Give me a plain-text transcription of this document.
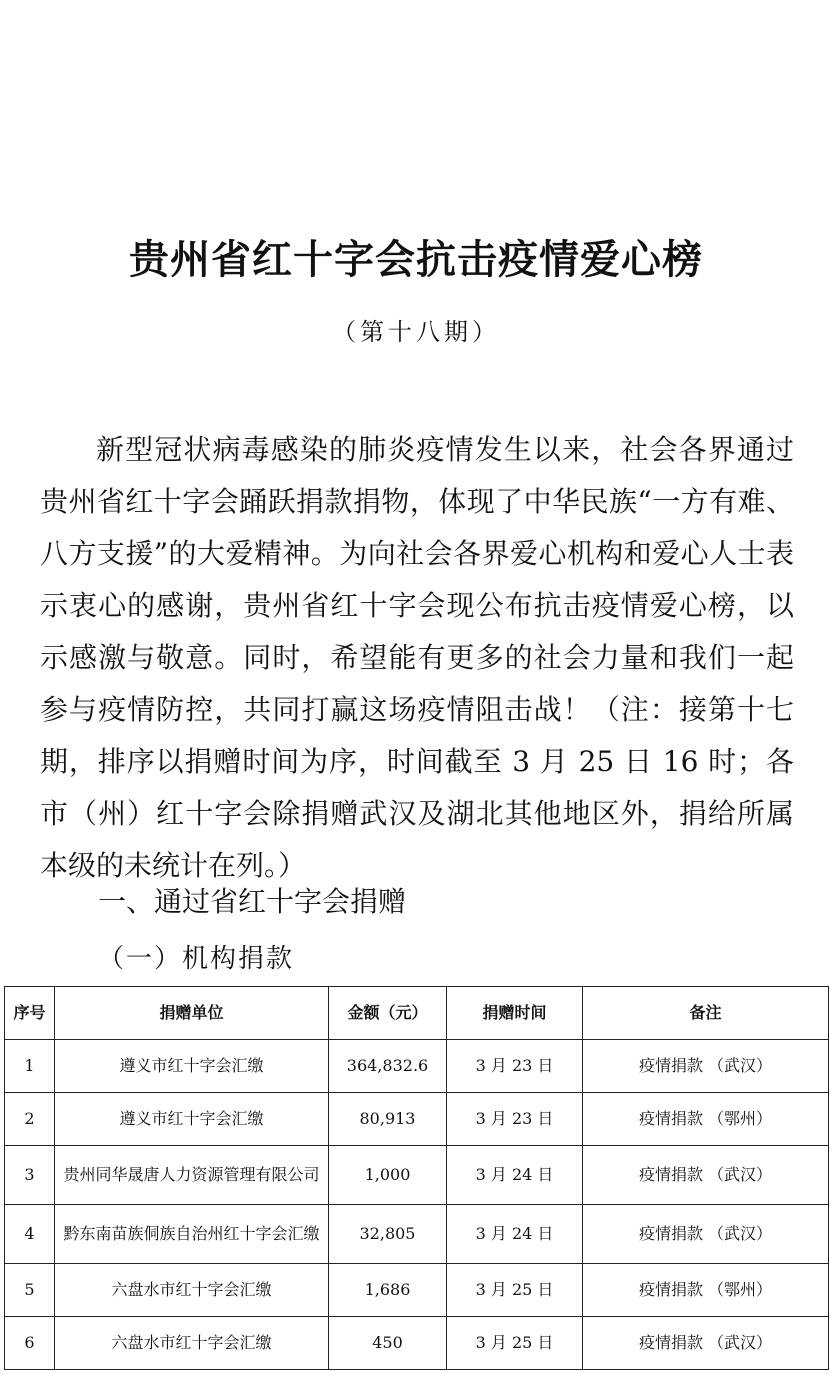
贵州省红十字会抗击疫情爱心榜
（第十八期）

新型冠状病毒感染的肺炎疫情发生以来，社会各界通过贵州省红十字会踊跃捐款捐物，体现了中华民族“一方有难、八方支援”的大爱精神。为向社会各界爱心机构和爱心人士表示衷心的感谢，贵州省红十字会现公布抗击疫情爱心榜，以示感激与敬意。同时，希望能有更多的社会力量和我们一起参与疫情防控，共同打赢这场疫情阻击战！（注：接第十七期，排序以捐赠时间为序，时间截至 3 月 25 日 16 时；各市（州）红十字会除捐赠武汉及湖北其他地区外，捐给所属本级的未统计在列。）

一、通过省红十字会捐赠
（一）机构捐款
序号	捐赠单位	金额（元）	捐赠时间	备注
1	遵义市红十字会汇缴	364,832.6	3 月 23 日	疫情捐款 （武汉）
2	遵义市红十字会汇缴	80,913	3 月 23 日	疫情捐款 （鄂州）
3	贵州同华晟唐人力资源管理有限公司	1,000	3 月 24 日	疫情捐款 （武汉）
4	黔东南苗族侗族自治州红十字会汇缴	32,805	3 月 24 日	疫情捐款 （武汉）
5	六盘水市红十字会汇缴	1,686	3 月 25 日	疫情捐款 （鄂州）
6	六盘水市红十字会汇缴	450	3 月 25 日	疫情捐款 （武汉）
